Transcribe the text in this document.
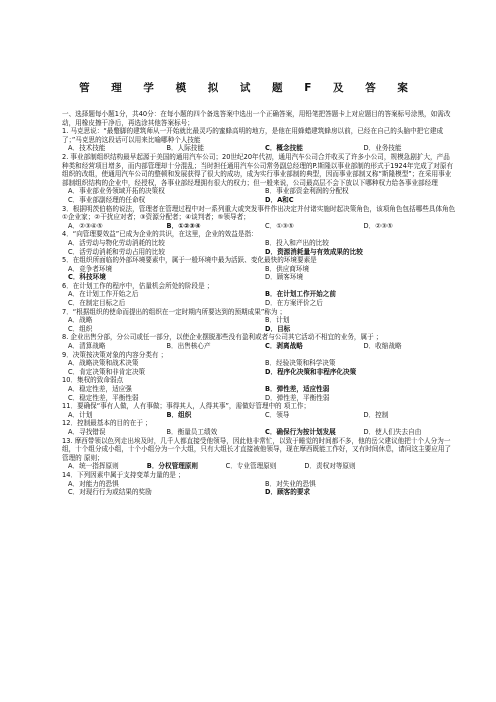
管 理 学 模 拟 试 题 F 及 答 案

一、选择题每小题1分，共40分：在每小题的四个备选答案中选出一个正确答案，用铅笔把答题卡上对应题目的答案标号涂黑，如需改动，用橡皮擦干净后，再选涂其他答案标号；

1. 马克思说：“最蹩脚的建筑师从一开始就比最灵巧的蜜蜂高明的地方，是他在用蜂蜡建筑蜂房以前，已经在自己的头脑中把它建成了；”马克思的这段话可以用来比喻哪种个人技能

A．技术技能	B．人际技能	C．概念技能	D．业务技能

2. 事业部制组织结构最早起源于美国的通用汽车公司；20世纪20年代初，通用汽车公司合并收买了许多小公司，规模急剧扩大，产品种类和经营项目增多，而内部管理却十分混乱；当时担任通用汽车公司常务副总经理的P.斯隆以事业部制的形式于1924年完成了对原有组织的改组，使通用汽车公司的整顿和发展获得了很大的成功，成为实行事业部制的典型，因而事业部制又称“斯隆模型”；在采用事业部制组织结构的企业中，经授权，各事业部经理拥有很大的权力；但一般来说，公司最高层不会下放以下哪种权力给各事业部经理

A．事业部业务领域开拓的决策权	B．事业部资金利润的分配权
C．事业部副经理的任命权	D．A和C

3．根据明茨伯格的说法，管理者在管理过程中对一系列重大或突发事件作出决定并付诸实施时起决策角色，该项角色包括哪些具体角色 ①企业家；②干扰应对者；③资源分配者；④谈判者；⑤领导者；

A．②③④⑤	B．①②③④	C．①③⑤	D．②③⑤

4．“向管理要效益”已成为企业的共识，在这里，企业的效益是指：

A．活劳动与物化劳动消耗的比较	B．投入和产出的比较
C．活劳动消耗和劳动占用的比较	D．资源消耗量与有效成果的比较

5．在组织所面临的外部环境要素中，属于一般环境中最为活跃、变化最快的环境要素是

A．竞争者环境	B．供应商环境
C．科技环境	D．顾客环境

6．在计划工作的程序中，估量机会所处的阶段是 ；

A．在计划工作开始之后	B．在计划工作开始之前
C．在制定目标之后	D．在方案评价之后

7．“根据组织的使命而提出的组织在一定时期内所要达到的预期成果”称为 ；

A．战略	B．计划
C．组织	D．目标

8. 企业出售分部，分公司或任一部分，以使企业摆脱那些没有盈利或者与公司其它活动不相宜的业务，属于 ；

A．清算战略	B．出售核心产	C．剥离战略	D．收缩战略

9．决策按决策对象的内容分类有 ；

A．战略决策和战术决策	B．经验决策和科学决策
C．肯定决策和非肯定决策	D．程序化决策和非程序化决策

10．集权的致命弱点

A．稳定性差，适应强	B．弹性差，适应性弱
C．稳定性差，平衡性弱	D．弹性差，平衡性弱

11．要确保“事有人做，人有事做；事得其人，人得其事”，需做好管理中的 项工作；

A．计划	B．组织	C．领导	D．控制

12．控制最基本的目的在于 ；

A．寻找错误	B．衡量员工绩效	C．确保行为按计划发展	D．使人们失去自由

13. 摩西带领以色列走出埃及时，几千人都直接受他领导，因此他非常忙，以致于睡觉的时间都不多，他的岳父建议他把十个人分为一组，十个组分成小组，十个小组分为一个大组，只有大组长才直接被他领导，现在摩西既能工作好，又有时间休息，请问这主要应用了管理的 原则；

A．统一指挥原则	B．分权管理原则	C．专业管理原则	D．责权对等原则

14．下列因素中属于支持变革力量的是 ；

A．对能力的恐惧	B．对失业的恐惧
C．对现行行为或结果的奖励	D．顾客的要求
